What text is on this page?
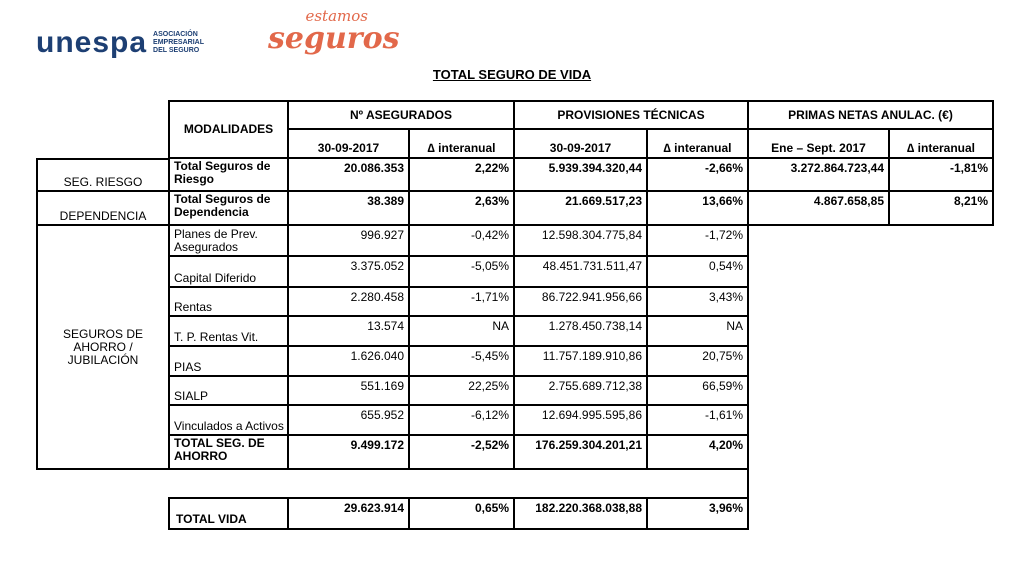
unespa ASOCIACIÓN
EMPRESARIAL
DEL SEGURO
estamos
seguros
TOTAL SEGURO DE VIDA
MODALIDADES
Nº ASEGURADOS	PROVISIONES TÉCNICAS	PRIMAS NETAS ANULAC. (€)
30-09-2017	∆ interanual	30-09-2017	∆ interanual	Ene – Sept. 2017	∆ interanual
SEG. RIESGO
DEPENDENCIA
SEGUROS DE AHORRO / JUBILACIÓN
Total Seguros de Riesgo
20.086.353	2,22%	5.939.394.320,44	-2,66%	3.272.864.723,44	-1,81%
Total Seguros de Dependencia
38.389	2,63%	21.669.517,23	13,66%	4.867.658,85	8,21%
Planes de Prev. Asegurados
996.927	-0,42%	12.598.304.775,84	-1,72%
Capital Diferido
3.375.052	-5,05%	48.451.731.511,47	0,54%
Rentas
2.280.458	-1,71%	86.722.941.956,66	3,43%
T. P. Rentas Vit.
13.574	NA	1.278.450.738,14	NA
PIAS
1.626.040	-5,45%	11.757.189.910,86	20,75%
SIALP
551.169	22,25%	2.755.689.712,38	66,59%
Vinculados a Activos
655.952	-6,12%	12.694.995.595,86	-1,61%
TOTAL SEG. DE AHORRO
9.499.172	-2,52%	176.259.304.201,21	4,20%
TOTAL VIDA
29.623.914	0,65%	182.220.368.038,88	3,96%
